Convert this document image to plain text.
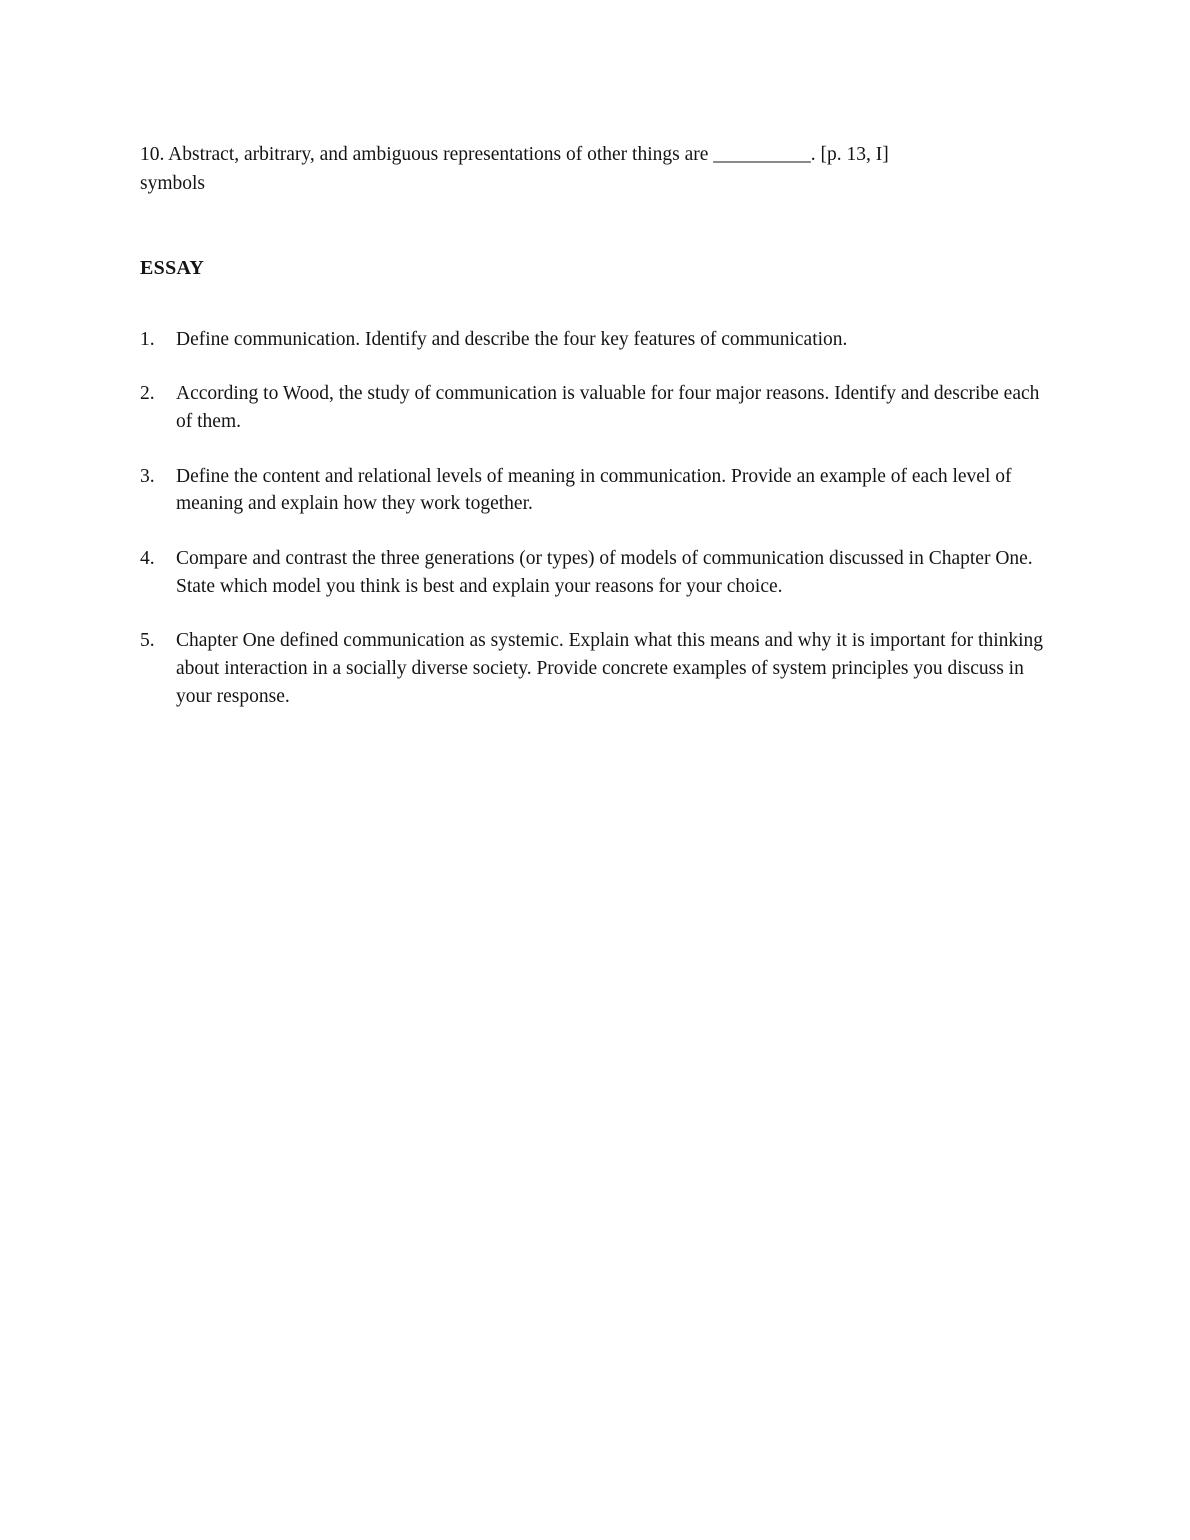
10. Abstract, arbitrary, and ambiguous representations of other things are __________. [p. 13, I]
symbols

ESSAY
1.	Define communication. Identify and describe the four key features of communication.
2.	According to Wood, the study of communication is valuable for four major reasons. Identify and describe each of them.
3.	Define the content and relational levels of meaning in communication. Provide an example of each level of meaning and explain how they work together.
4.	Compare and contrast the three generations (or types) of models of communication discussed in Chapter One. State which model you think is best and explain your reasons for your choice.
5.	Chapter One defined communication as systemic. Explain what this means and why it is important for thinking about interaction in a socially diverse society. Provide concrete examples of system principles you discuss in your response.
